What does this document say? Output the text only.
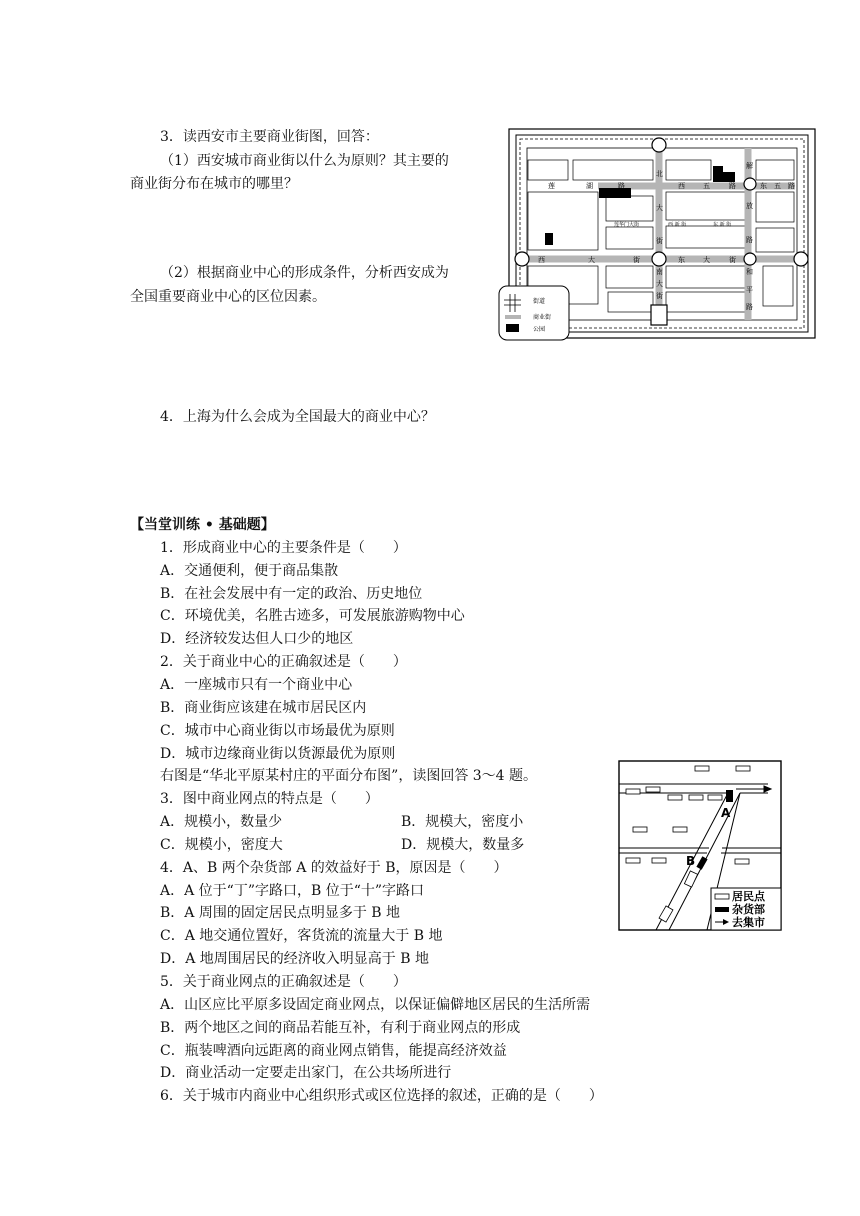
3．读西安市主要商业街图，回答：
（1）西安城市商业街以什么为原则？其主要的
商业街分布在城市的哪里？
（2）根据商业中心的形成条件，分析西安成为
全国重要商业中心的区位因素。
4．上海为什么会成为全国最大的商业中心？
北
大
街
南
大
街
莲	湖	路	西	五	路	东 五 路
解
放
路
和
平
路
西	大	街	东	大	街
莲华门大街	西 新 街	东 新 街
街道
商业街
公园
【当堂训练 • 基础题】
1．形成商业中心的主要条件是（　　）
A．交通便利，便于商品集散
B．在社会发展中有一定的政治、历史地位
C．环境优美，名胜古迹多，可发展旅游购物中心
D．经济较发达但人口少的地区
2．关于商业中心的正确叙述是（　　）
A．一座城市只有一个商业中心
B．商业街应该建在城市居民区内
C．城市中心商业街以市场最优为原则
D．城市边缘商业街以货源最优为原则
右图是“华北平原某村庄的平面分布图”，读图回答 3～4 题。
3．图中商业网点的特点是（　　）
A．规模小，数量少	B．规模大，密度小
C．规模小，密度大	D．规模大，数量多
4．A、B 两个杂货部 A 的效益好于 B，原因是（　　）
A．A 位于“丁”字路口，B 位于“十”字路口
B．A 周围的固定居民点明显多于 B 地
C．A 地交通位置好，客货流的流量大于 B 地
D．A 地周围居民的经济收入明显高于 B 地
5．关于商业网点的正确叙述是（　　）
A．山区应比平原多设固定商业网点，以保证偏僻地区居民的生活所需
B．两个地区之间的商品若能互补，有利于商业网点的形成
C．瓶装啤酒向远距离的商业网点销售，能提高经济效益
D．商业活动一定要走出家门，在公共场所进行
6．关于城市内商业中心组织形式或区位选择的叙述，正确的是（　　）
A
B
居民点
杂货部
去集市
